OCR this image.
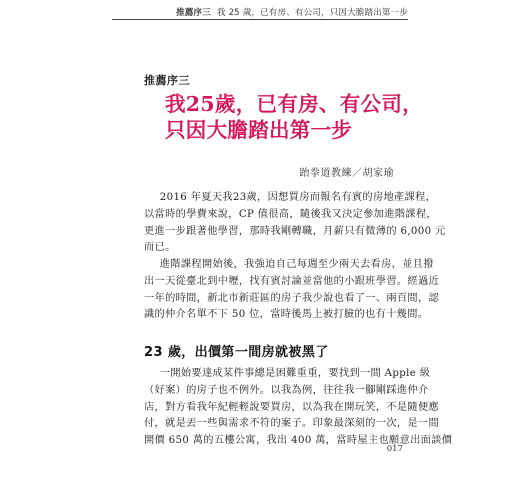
推薦序三 我 25 歲，已有房、有公司，只因大膽踏出第一步
推薦序三
我25歲，已有房、有公司，
只因大膽踏出第一步
跆拳道教練／胡家瑜

2016 年夏天我23歲，因想買房而報名有賓的房地產課程，
以當時的學費來說，CP 值很高，隨後我又決定參加進階課程，
更進一步跟著他學習，那時我剛轉職，月薪只有微薄的 6,000 元
而已。

進階課程開始後，我強迫自己每週至少兩天去看房，並且撥
出一天從臺北到中壢，找有賓討論並當他的小跟班學習。經過近
一年的時間，新北市新莊區的房子我少說也看了一、兩百間，認
識的仲介名單不下 50 位，當時後馬上被打臉的也有十幾間。

23 歲，出價第一間房就被黑了

一開始要達成某件事總是困難重重，要找到一間 Apple 級
（好案）的房子也不例外。以我為例，往往我一腳剛踩進仲介
店，對方看我年紀輕輕說要買房，以為我在開玩笑，不是隨便應
付，就是丟一些與需求不符的案子。印象最深刻的一次，是一間
開價 650 萬的五樓公寓，我出 400 萬，當時屋主也願意出面談價

017
